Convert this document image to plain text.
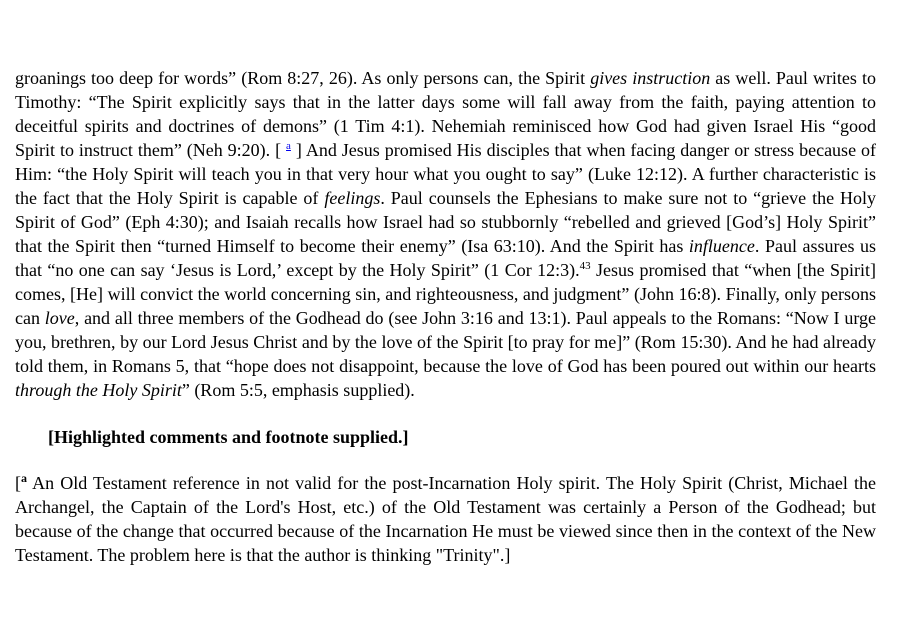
groanings too deep for words” (Rom 8:27, 26). As only persons can, the Spirit gives instruction as well. Paul writes to Timothy: “The Spirit explicitly says that in the latter days some will fall away from the faith, paying attention to deceitful spirits and doctrines of demons” (1 Tim 4:1). Nehemiah reminisced how God had given Israel His “good Spirit to instruct them” (Neh 9:20). [ $^a$ ] And Jesus promised His disciples that when facing danger or stress because of Him: “the Holy Spirit will teach you in that very hour what you ought to say” (Luke 12:12). A further characteristic is the fact that the Holy Spirit is capable of feelings. Paul counsels the Ephesians to make sure not to “grieve the Holy Spirit of God” (Eph 4:30); and Isaiah recalls how Israel had so stubbornly “rebelled and grieved [God’s] Holy Spirit” that the Spirit then “turned Himself to become their enemy” (Isa 63:10). And the Spirit has influence. Paul assures us that “no one can say ‘Jesus is Lord,’ except by the Holy Spirit” (1 Cor 12:3).$^{43}$ Jesus promised that “when [the Spirit] comes, [He] will convict the world concerning sin, and righteousness, and judgment” (John 16:8). Finally, only persons can love, and all three members of the Godhead do (see John 3:16 and 13:1). Paul appeals to the Romans: “Now I urge you, brethren, by our Lord Jesus Christ and by the love of the Spirit [to pray for me]” (Rom 15:30). And he had already told them, in Romans 5, that “hope does not disappoint, because the love of God has been poured out within our hearts through the Holy Spirit” (Rom 5:5, emphasis supplied).

[Highlighted comments and footnote supplied.]

[$^a$ An Old Testament reference in not valid for the post-Incarnation Holy spirit. The Holy Spirit (Christ, Michael the Archangel, the Captain of the Lord's Host, etc.) of the Old Testament was certainly a Person of the Godhead; but because of the change that occurred because of the Incarnation He must be viewed since then in the context of the New Testament. The problem here is that the author is thinking "Trinity".]
